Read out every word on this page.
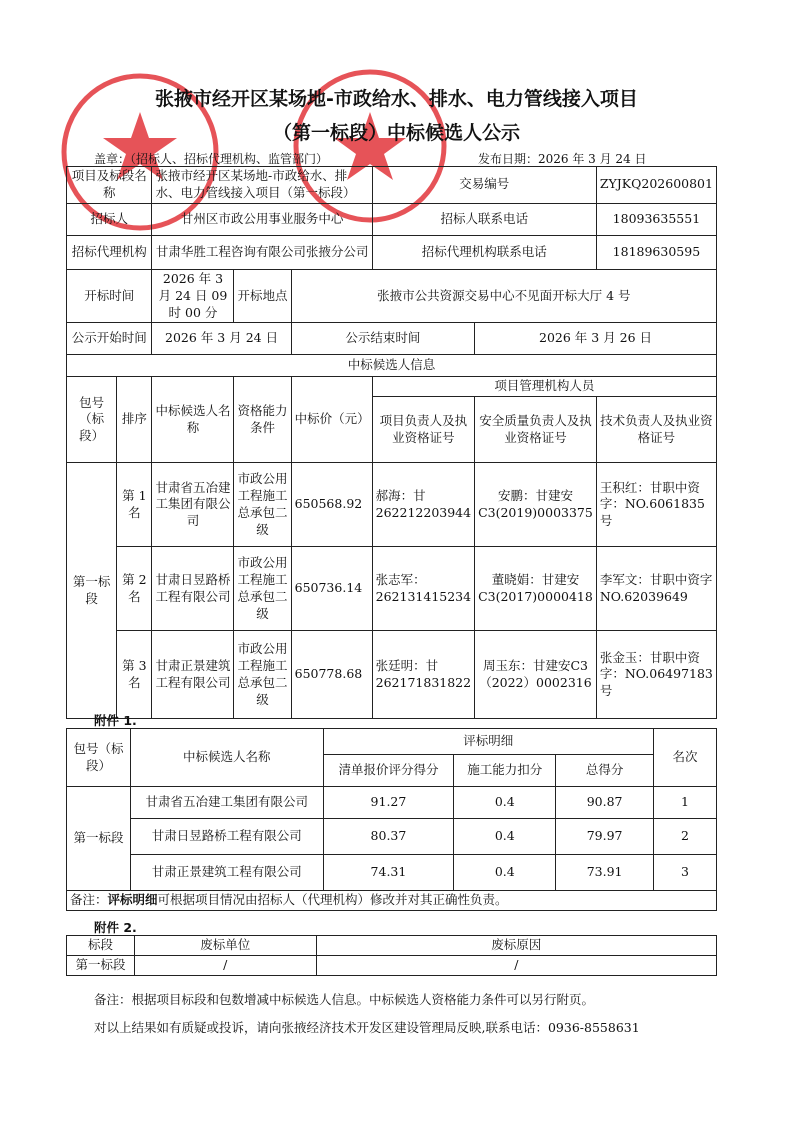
张掖市经开区某场地-市政给水、排水、电力管线接入项目
（第一标段）中标候选人公示
盖章：（招标人、招标代理机构、监管部门）	发布日期：2026 年 3 月 24 日
项目及标段名称		张掖市经开区某场地-市政给水、排水、电力管线接入项目（第一标段）			交易编号		ZYJKQ202600801
招标人		甘州区市政公用事业服务中心			招标人联系电话		18093635551
招标代理机构		甘肃华胜工程咨询有限公司张掖分公司			招标代理机构联系电话		18189630595
开标时间		2026 年 3 月 24 日 09 时 00 分	开标地点	张掖市公共资源交易中心不见面开标大厅 4 号			
公示开始时间		2026 年 3 月 24 日		公示结束时间		2026 年 3 月 26 日	
中标候选人信息							
包号（标段）	排序	中标候选人名称	资格能力条件	中标价（元）	项目管理机构人员		
					项目负责人及执业资格证号	安全质量负责人及执业资格证号	技术负责人及执业资格证号
第一标段	第 1 名	甘肃省五冶建工集团有限公司	市政公用工程施工总承包二级	650568.92	郝海：甘262212203944	安鹏：甘建安C3(2019)0003375	王积红：甘职中资字：NO.6061835 号
	第 2 名	甘肃日昱路桥工程有限公司	市政公用工程施工总承包二级	650736.14	张志军：262131415234	董晓娟：甘建安C3(2017)0000418	李军文：甘职中资字NO.62039649
	第 3 名	甘肃正景建筑工程有限公司	市政公用工程施工总承包二级	650778.68	张廷明：甘262171831822	周玉东：甘建安C3（2022）0002316	张金玉：甘职中资字：NO.06497183 号
附件 1.
包号（标段）	中标候选人名称	评标明细			名次
		清单报价评分得分	施工能力扣分	总得分	
第一标段	甘肃省五冶建工集团有限公司	91.27	0.4	90.87	1
	甘肃日昱路桥工程有限公司	80.37	0.4	79.97	2
	甘肃正景建筑工程有限公司	74.31	0.4	73.91	3
备注：评标明细可根据项目情况由招标人（代理机构）修改并对其正确性负责。					
附件 2.
标段	废标单位	废标原因
第一标段	/	/
备注：根据项目标段和包数增减中标候选人信息。中标候选人资格能力条件可以另行附页。
对以上结果如有质疑或投诉，请向张掖经济技术开发区建设管理局反映,联系电话：0936-8558631
